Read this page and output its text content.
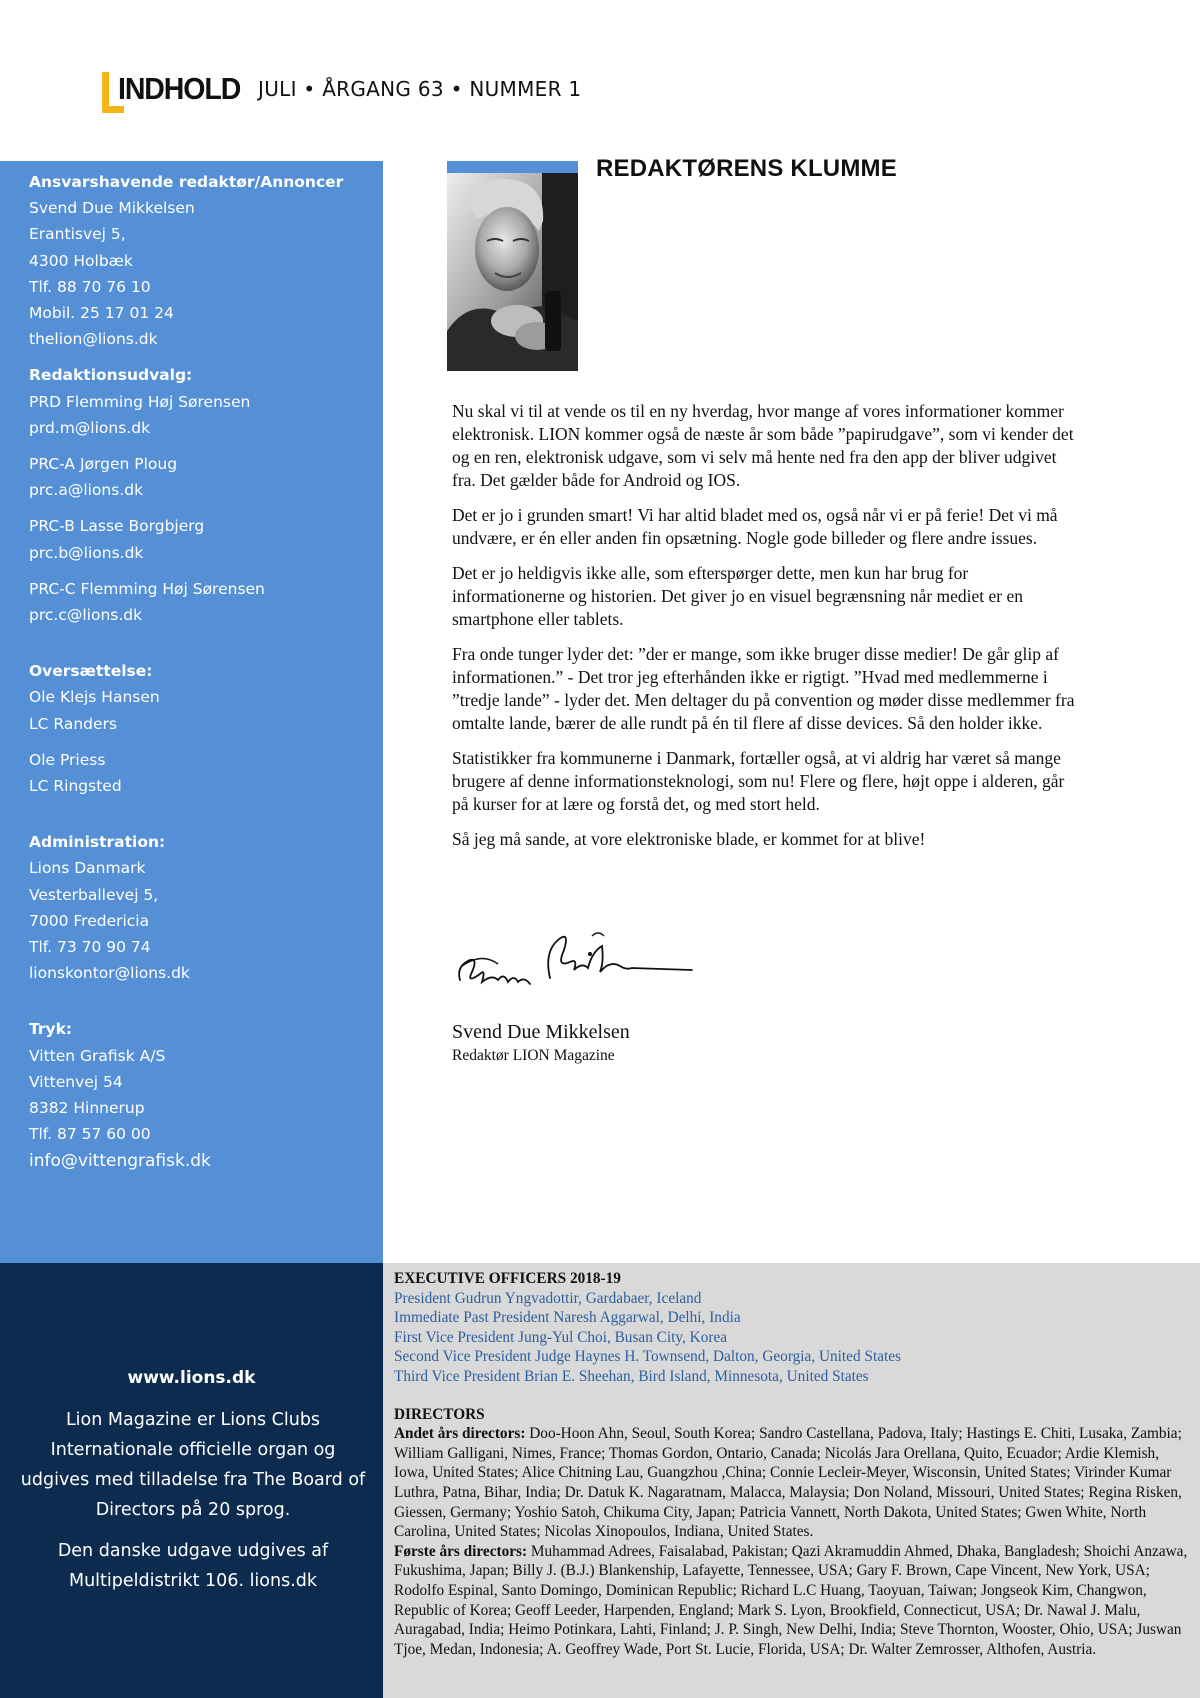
INDHOLD JULI • ÅRGANG 63 • NUMMER 1
Ansvarshavende redaktør/Annoncer
Svend Due Mikkelsen
Erantisvej 5,
4300 Holbæk
Tlf. 88 70 76 10
Mobil. 25 17 01 24
thelion@lions.dk
Redaktionsudvalg:
PRD Flemming Høj Sørensen
prd.m@lions.dk
PRC-A Jørgen Ploug
prc.a@lions.dk
PRC-B Lasse Borgbjerg
prc.b@lions.dk
PRC-C Flemming Høj Sørensen
prc.c@lions.dk
Oversættelse:
Ole Klejs Hansen
LC Randers
Ole Priess
LC Ringsted
Administration:
Lions Danmark
Vesterballevej 5,
7000 Fredericia
Tlf. 73 70 90 74
lionskontor@lions.dk
Tryk:
Vitten Grafisk A/S
Vittenvej 54
8382 Hinnerup
Tlf. 87 57 60 00
info@vittengrafisk.dk
www.lions.dk
Lion Magazine er Lions Clubs Internationale officielle organ og udgives med tilladelse fra The Board of Directors på 20 sprog.
Den danske udgave udgives af Multipeldistrikt 106. lions.dk
REDAKTØRENS KLUMME

Nu skal vi til at vende os til en ny hverdag, hvor mange af vores informationer kommer elektronisk. LION kommer også de næste år som både ”papirudgave”, som vi kender det og en ren, elektronisk udgave, som vi selv må hente ned fra den app der bliver udgivet fra. Det gælder både for Android og IOS.

Det er jo i grunden smart! Vi har altid bladet med os, også når vi er på ferie! Det vi må undvære, er én eller anden fin opsætning. Nogle gode billeder og flere andre issues.

Det er jo heldigvis ikke alle, som efterspørger dette, men kun har brug for informationerne og historien. Det giver jo en visuel begrænsning når mediet er en smartphone eller tablets.

Fra onde tunger lyder det: ”der er mange, som ikke bruger disse medier! De går glip af informationen.” - Det tror jeg efterhånden ikke er rigtigt. ”Hvad med medlemmerne i ”tredje lande” - lyder det. Men deltager du på convention og møder disse medlemmer fra omtalte lande, bærer de alle rundt på én til flere af disse devices. Så den holder ikke.

Statistikker fra kommunerne i Danmark, fortæller også, at vi aldrig har været så mange brugere af denne informationsteknologi, som nu! Flere og flere, højt oppe i alderen, går på kurser for at lære og forstå det, og med stort held.

Så jeg må sande, at vore elektroniske blade, er kommet for at blive!

Svend Due Mikkelsen
Redaktør LION Magazine
EXECUTIVE OFFICERS 2018-19
President Gudrun Yngvadottir, Gardabaer, Iceland
Immediate Past President Naresh Aggarwal, Delhi, India
First Vice President Jung-Yul Choi, Busan City, Korea
Second Vice President Judge Haynes H. Townsend, Dalton, Georgia, United States
Third Vice President Brian E. Sheehan, Bird Island, Minnesota, United States
DIRECTORS
Andet års directors: Doo-Hoon Ahn, Seoul, South Korea; Sandro Castellana, Padova, Italy; Hastings E. Chiti, Lusaka, Zambia; William Galligani, Nimes, France; Thomas Gordon, Ontario, Canada; Nicolás Jara Orellana, Quito, Ecuador; Ardie Klemish, Iowa, United States; Alice Chitning Lau, Guangzhou ,China; Connie Lecleir-Meyer, Wisconsin, United States; Virinder Kumar Luthra, Patna, Bihar, India; Dr. Datuk K. Nagaratnam, Malacca, Malaysia; Don Noland, Missouri, United States; Regina Risken, Giessen, Germany; Yoshio Satoh, Chikuma City, Japan; Patricia Vannett, North Dakota, United States; Gwen White, North Carolina, United States; Nicolas Xinopoulos, Indiana, United States.
Første års directors: Muhammad Adrees, Faisalabad, Pakistan; Qazi Akramuddin Ahmed, Dhaka, Bangladesh; Shoichi Anzawa, Fukushima, Japan; Billy J. (B.J.) Blankenship, Lafayette, Tennessee, USA; Gary F. Brown, Cape Vincent, New York, USA; Rodolfo Espinal, Santo Domingo, Dominican Republic; Richard L.C Huang, Taoyuan, Taiwan; Jongseok Kim, Changwon, Republic of Korea; Geoff Leeder, Harpenden, England; Mark S. Lyon, Brookfield, Connecticut, USA; Dr. Nawal J. Malu, Auragabad, India; Heimo Potinkara, Lahti, Finland; J. P. Singh, New Delhi, India; Steve Thornton, Wooster, Ohio, USA; Juswan Tjoe, Medan, Indonesia; A. Geoffrey Wade, Port St. Lucie, Florida, USA; Dr. Walter Zemrosser, Althofen, Austria.
